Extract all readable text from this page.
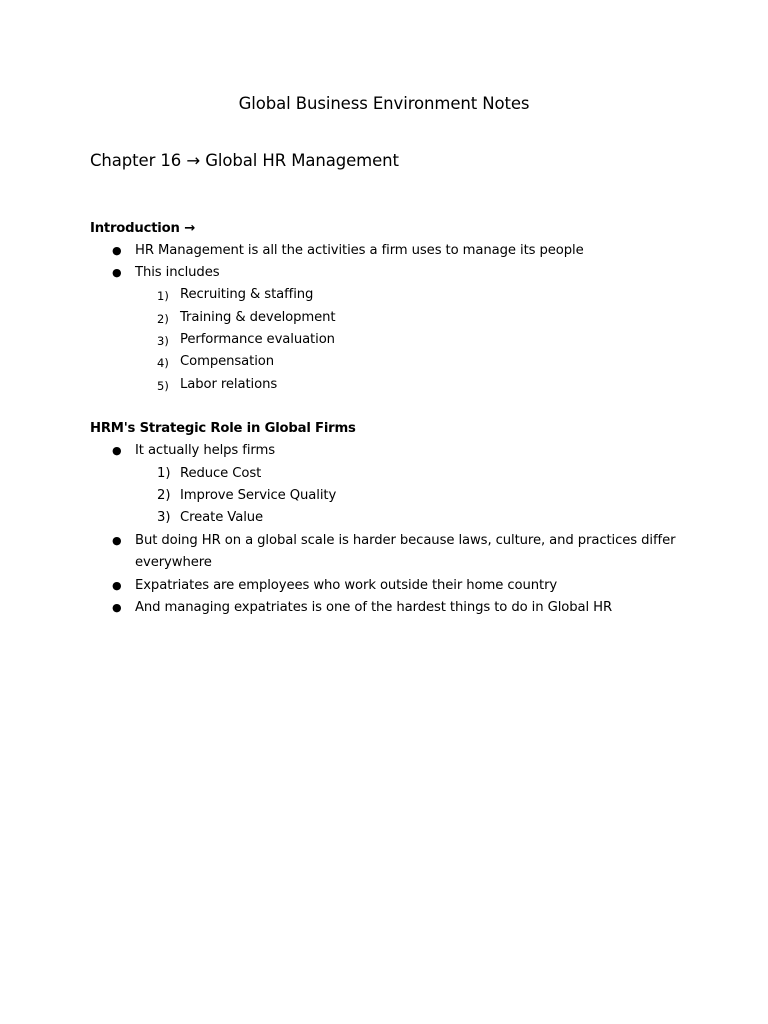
Global Business Environment Notes
Chapter 16 → Global HR Management
Introduction →
● HR Management is all the activities a firm uses to manage its people
● This includes
1) Recruiting & staffing
2) Training & development
3) Performance evaluation
4) Compensation
5) Labor relations
HRM's Strategic Role in Global Firms
● It actually helps firms
1) Reduce Cost
2) Improve Service Quality
3) Create Value
● But doing HR on a global scale is harder because laws, culture, and practices differ
everywhere
● Expatriates are employees who work outside their home country
● And managing expatriates is one of the hardest things to do in Global HR
